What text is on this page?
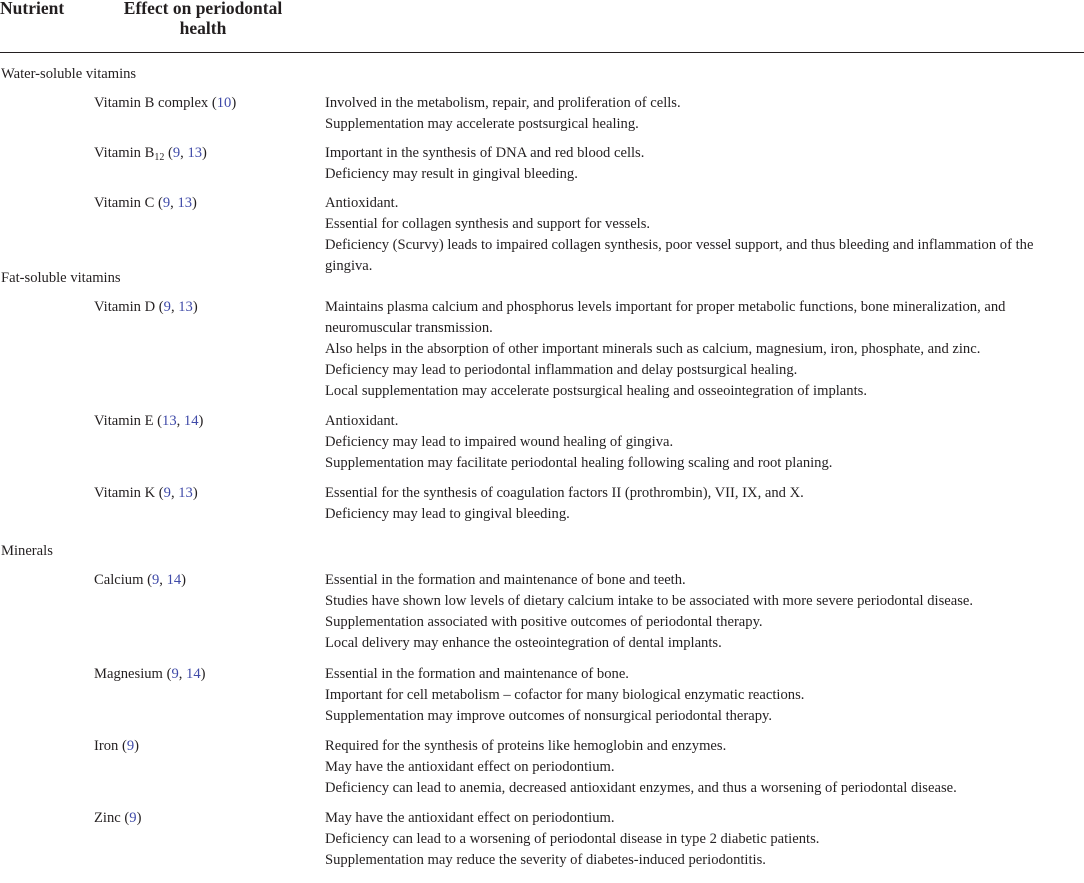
Nutrient	Effect on periodontal health
Water-soluble vitamins
Vitamin B complex (10)	Involved in the metabolism, repair, and proliferation of cells.

Supplementation may accelerate postsurgical healing.

Vitamin $B_{12}$ (9, 13)	Important in the synthesis of DNA and red blood cells.

Deficiency may result in gingival bleeding.

Vitamin C (9, 13)	Antioxidant.

Essential for collagen synthesis and support for vessels.

Deficiency (Scurvy) leads to impaired collagen synthesis, poor vessel support, and thus bleeding and inflammation of the

gingiva.

Fat-soluble vitamins
Vitamin D (9, 13)	Maintains plasma calcium and phosphorus levels important for proper metabolic functions, bone mineralization, and

neuromuscular transmission.

Also helps in the absorption of other important minerals such as calcium, magnesium, iron, phosphate, and zinc.

Deficiency may lead to periodontal inflammation and delay postsurgical healing.

Local supplementation may accelerate postsurgical healing and osseointegration of implants.

Vitamin E (13, 14)	Antioxidant.

Deficiency may lead to impaired wound healing of gingiva.

Supplementation may facilitate periodontal healing following scaling and root planing.

Vitamin K (9, 13)	Essential for the synthesis of coagulation factors II (prothrombin), VII, IX, and X.

Deficiency may lead to gingival bleeding.

Minerals
Calcium (9, 14)	Essential in the formation and maintenance of bone and teeth.

Studies have shown low levels of dietary calcium intake to be associated with more severe periodontal disease.

Supplementation associated with positive outcomes of periodontal therapy.

Local delivery may enhance the osteointegration of dental implants.

Magnesium (9, 14)	Essential in the formation and maintenance of bone.

Important for cell metabolism – cofactor for many biological enzymatic reactions.

Supplementation may improve outcomes of nonsurgical periodontal therapy.

Iron (9)	Required for the synthesis of proteins like hemoglobin and enzymes.

May have the antioxidant effect on periodontium.

Deficiency can lead to anemia, decreased antioxidant enzymes, and thus a worsening of periodontal disease.

Zinc (9)	May have the antioxidant effect on periodontium.

Deficiency can lead to a worsening of periodontal disease in type 2 diabetic patients.

Supplementation may reduce the severity of diabetes-induced periodontitis.
